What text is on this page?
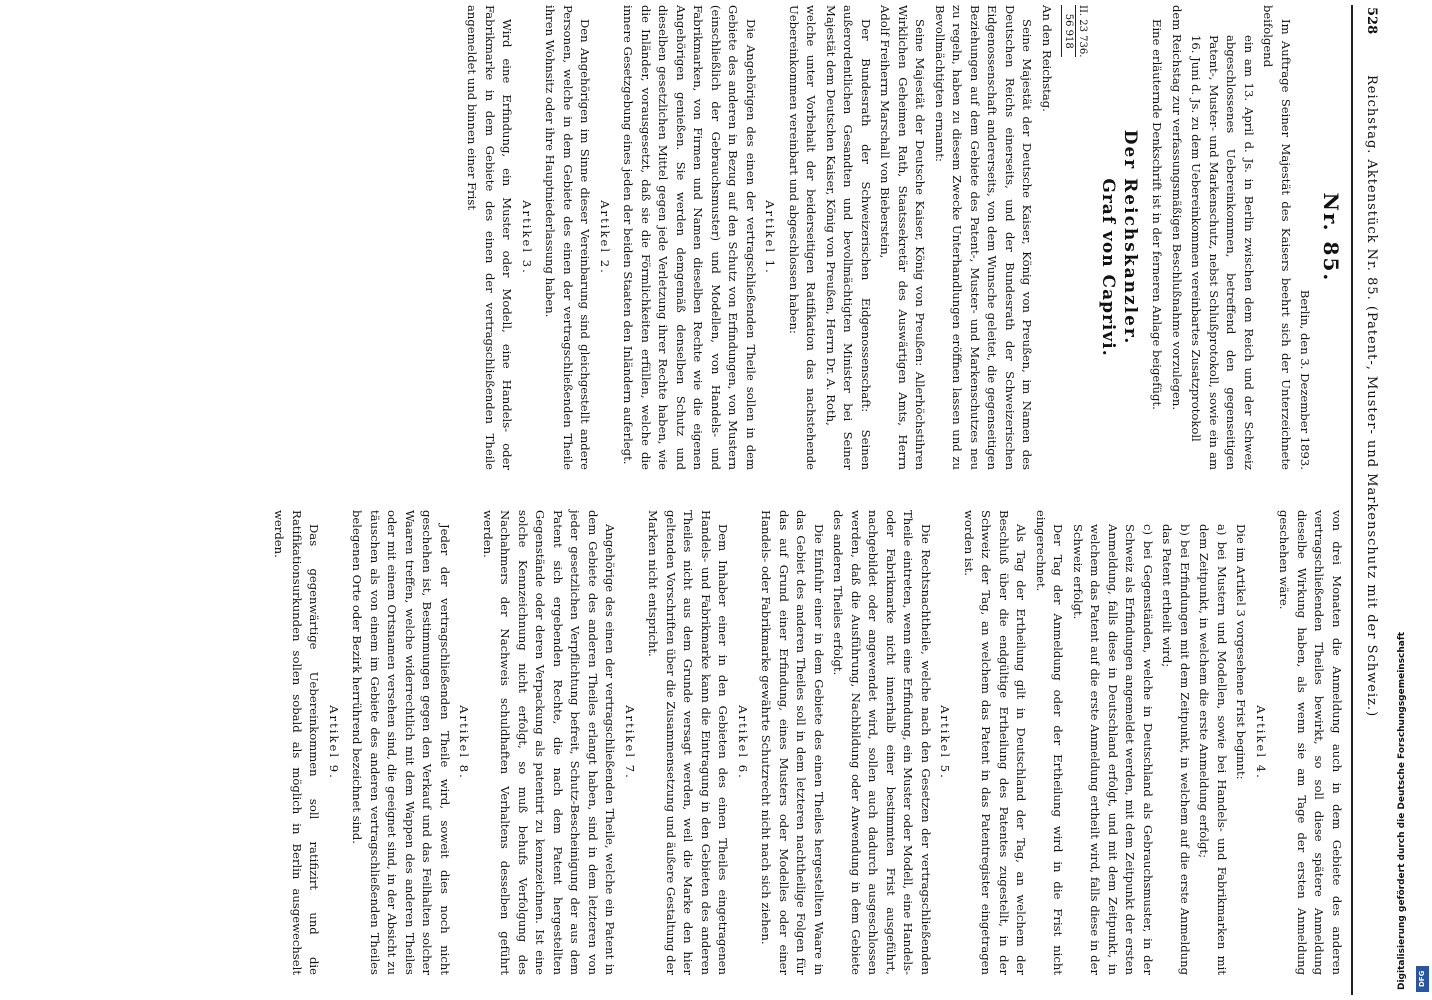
528
Reichstag. Aktenstück Nr. 85. (Patent-, Muster- und Markenschutz mit der Schweiz.)

Nr. 85.

Berlin, den 3. Dezember 1893.

Im Auftrage Seiner Majestät des Kaisers beehrt sich der Unterzeichnete beifolgend

ein am 13. April d. Js. in Berlin zwischen dem Reich und der Schweiz abgeschlossenes Uebereinkommen, betreffend den gegenseitigen Patent-, Muster- und Markenschutz, nebst Schlußprotokoll, sowie ein am 16. Juni d. Js. zu dem Uebereinkommen vereinbartes Zusatzprotokoll

dem Reichstag zur verfassungsmäßigen Beschlußnahme vorzulegen.

Eine erläuternde Denkschrift ist in der ferneren Anlage beigefügt.

Der Reichskanzler.

Graf von Caprivi.

II. 23 736.
56 918

An den Reichstag.

Seine Majestät der Deutsche Kaiser, König von Preußen, im Namen des Deutschen Reichs einerseits, und der Bundesrath der Schweizerischen Eidgenossenschaft andererseits, von dem Wunsche geleitet, die gegenseitigen Beziehungen auf dem Gebiete des Patent-, Muster- und Markenschutzes neu zu regeln, haben zu diesem Zwecke Unterhandlungen eröffnen lassen und zu Bevollmächtigten ernannt:

Seine Majestät der Deutsche Kaiser, König von Preußen: Allerhöchstihren Wirklichen Geheimen Rath, Staatssekretär des Auswärtigen Amts, Herrn Adolf Freiherrn Marschall von Bieberstein,

Der Bundesrath der Schweizerischen Eidgenossenschaft: Seinen außerordentlichen Gesandten und bevollmächtigten Minister bei Seiner Majestät dem Deutschen Kaiser, König von Preußen, Herrn Dr. A. Roth,

welche unter Vorbehalt der beiderseitigen Ratifikation das nachstehende Uebereinkommen vereinbart und abgeschlossen haben:

Artikel 1.

Die Angehörigen des einen der vertragschließenden Theile sollen in dem Gebiete des anderen in Bezug auf den Schutz von Erfindungen, von Mustern (einschließlich der Gebrauchsmuster) und Modellen, von Handels- und Fabrikmarken, von Firmen und Namen dieselben Rechte wie die eigenen Angehörigen genießen. Sie werden demgemäß denselben Schutz und dieselben gesetzlichen Mittel gegen jede Verletzung ihrer Rechte haben, wie die Inländer, vorausgesetzt, daß sie die Förmlichkeiten erfüllen, welche die innere Gesetzgebung eines jeden der beiden Staaten den Inländern auferlegt.

Artikel 2.

Den Angehörigen im Sinne dieser Vereinbarung sind gleichgestellt andere Personen, welche in dem Gebiete des einen der vertragschließenden Theile ihren Wohnsitz oder ihre Hauptniederlassung haben.

Artikel 3.

Wird eine Erfindung, ein Muster oder Modell, eine Handels- oder Fabrikmarke in dem Gebiete des einen der vertragschließenden Theile angemeldet und binnen einer Frist

von drei Monaten die Anmeldung auch in dem Gebiete des anderen vertragschließenden Theiles bewirkt, so soll diese spätere Anmeldung dieselbe Wirkung haben, als wenn sie am Tage der ersten Anmeldung geschehen wäre.

Artikel 4.

Die im Artikel 3 vorgesehene Frist beginnt:

a) bei Mustern und Modellen, sowie bei Handels- und Fabrikmarken mit dem Zeitpunkt, in welchem die erste Anmeldung erfolgt;

b) bei Erfindungen mit dem Zeitpunkt, in welchem auf die erste Anmeldung das Patent ertheilt wird;

c) bei Gegenständen, welche in Deutschland als Gebrauchsmuster, in der Schweiz als Erfindungen angemeldet werden, mit dem Zeitpunkt der ersten Anmeldung, falls diese in Deutschland erfolgt, und mit dem Zeitpunkt, in welchem das Patent auf die erste Anmeldung ertheilt wird, falls diese in der Schweiz erfolgt.

Der Tag der Anmeldung oder der Ertheilung wird in die Frist nicht eingerechnet.

Als Tag der Ertheilung gilt in Deutschland der Tag, an welchem der Beschluß über die endgültige Ertheilung des Patentes zugestellt, in der Schweiz der Tag, an welchem das Patent in das Patentregister eingetragen worden ist.

Artikel 5.

Die Rechtsnachtheile, welche nach den Gesetzen der vertragschließenden Theile eintreten, wenn eine Erfindung, ein Muster oder Modell, eine Handels- oder Fabrikmarke nicht innerhalb einer bestimmten Frist ausgeführt, nachgebildet oder angewendet wird, sollen auch dadurch ausgeschlossen werden, daß die Ausführung, Nachbildung oder Anwendung in dem Gebiete des anderen Theiles erfolgt.

Die Einfuhr einer in dem Gebiete des einen Theiles hergestellten Waare in das Gebiet des anderen Theiles soll in dem letzteren nachtheilige Folgen für das auf Grund einer Erfindung, eines Musters oder Modelles oder einer Handels- oder Fabrikmarke gewährte Schutzrecht nicht nach sich ziehen.

Artikel 6.

Dem Inhaber einer in den Gebieten des einen Theiles eingetragenen Handels- und Fabrikmarke kann die Eintragung in den Gebieten des anderen Theiles nicht aus dem Grunde versagt werden, weil die Marke den hier geltenden Vorschriften über die Zusammensetzung und äußere Gestaltung der Marken nicht entspricht.

Artikel 7.

Angehörige des einen der vertragschließenden Theile, welche ein Patent in dem Gebiete des anderen Theiles erlangt haben, sind in dem letzteren von jeder gesetzlichen Verpflichtung befreit, Schutz-Bescheinigung der aus dem Patent sich ergebenden Rechte, die nach dem Patent hergestellten Gegenstände oder deren Verpackung als patentirt zu kennzeichnen. Ist eine solche Kennzeichnung nicht erfolgt, so muß behufs Verfolgung des Nachahmers der Nachweis schuldhaften Verhaltens desselben geführt werden.

Artikel 8.

Jeder der vertragschließenden Theile wird, soweit dies noch nicht geschehen ist, Bestimmungen gegen den Verkauf und das Feilhalten solcher Waaren treffen, welche widerrechtlich mit dem Wappen des anderen Theiles oder mit einem Ortsnamen versehen sind, die geeignet sind, in der Absicht zu täuschen als von einem im Gebiete des anderen vertragschließenden Theiles belegenen Orte oder Bezirk herrührend bezeichnet sind.

Artikel 9.

Das gegenwärtige Uebereinkommen soll ratifizirt und die Ratifikationsurkunden sollen sobald als möglich in Berlin ausgewechselt werden.

Digitalisierung gefördert durch die Deutsche Forschungsgemeinschaft DFG
